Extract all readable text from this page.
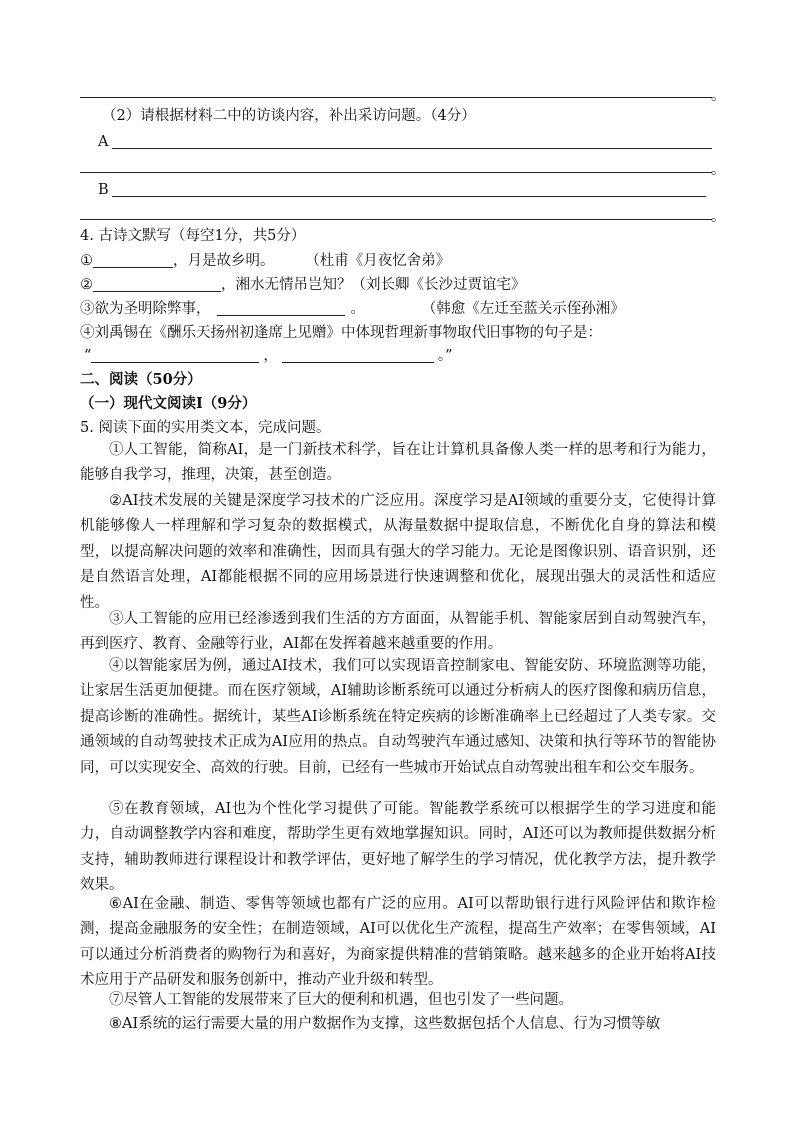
。
（2）请根据材料二中的访谈内容，补出采访问题。（4分）
A
。
B
。
4. 古诗文默写（每空1分，共5分）
①	，月是故乡明。	（杜甫《月夜忆舍弟》
②	，湘水无情吊岂知？（刘长卿《长沙过贾谊宅》
③欲为圣明除弊事，	。	（韩愈《左迁至蓝关示侄孙湘》
④刘禹锡在《酬乐天扬州初逢席上见赠》中体现哲理新事物取代旧事物的句子是：
“	，	。”
二、阅读（50分）
（一）现代文阅读Ⅰ（9分）
5. 阅读下面的实用类文本，完成问题。
①人工智能，简称AI，是一门新技术科学，旨在让计算机具备像人类一样的思考和行为能力，能够自我学习，推理，决策，甚至创造。
②AI技术发展的关键是深度学习技术的广泛应用。深度学习是AI领域的重要分支，它使得计算机能够像人一样理解和学习复杂的数据模式，从海量数据中提取信息，不断优化自身的算法和模型，以提高解决问题的效率和准确性，因而具有强大的学习能力。无论是图像识别、语音识别，还是自然语言处理，AI都能根据不同的应用场景进行快速调整和优化，展现出强大的灵活性和适应性。
③人工智能的应用已经渗透到我们生活的方方面面，从智能手机、智能家居到自动驾驶汽车，再到医疗、教育、金融等行业，AI都在发挥着越来越重要的作用。
④以智能家居为例，通过AI技术，我们可以实现语音控制家电、智能安防、环境监测等功能，让家居生活更加便捷。而在医疗领域，AI辅助诊断系统可以通过分析病人的医疗图像和病历信息，提高诊断的准确性。据统计，某些AI诊断系统在特定疾病的诊断准确率上已经超过了人类专家。交通领域的自动驾驶技术正成为AI应用的热点。自动驾驶汽车通过感知、决策和执行等环节的智能协同，可以实现安全、高效的行驶。目前，已经有一些城市开始试点自动驾驶出租车和公交车服务。
⑤在教育领域，AI也为个性化学习提供了可能。智能教学系统可以根据学生的学习进度和能力，自动调整教学内容和难度，帮助学生更有效地掌握知识。同时，AI还可以为教师提供数据分析支持，辅助教师进行课程设计和教学评估，更好地了解学生的学习情况，优化教学方法，提升教学效果。
⑥AI在金融、制造、零售等领域也都有广泛的应用。AI可以帮助银行进行风险评估和欺诈检测，提高金融服务的安全性；在制造领域，AI可以优化生产流程，提高生产效率；在零售领域，AI可以通过分析消费者的购物行为和喜好，为商家提供精准的营销策略。越来越多的企业开始将AI技术应用于产品研发和服务创新中，推动产业升级和转型。
⑦尽管人工智能的发展带来了巨大的便利和机遇，但也引发了一些问题。
⑧AI系统的运行需要大量的用户数据作为支撑，这些数据包括个人信息、行为习惯等敏
